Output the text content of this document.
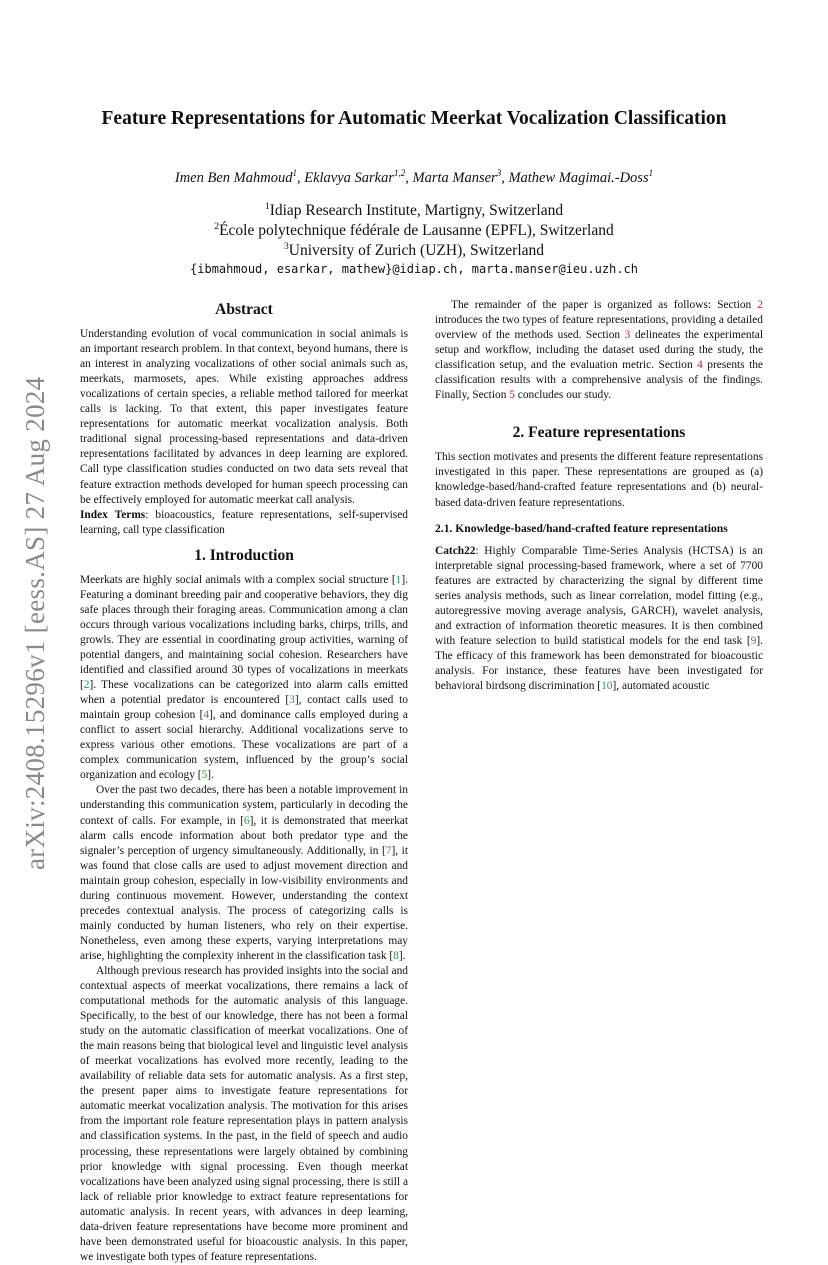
arXiv:2408.15296v1 [eess.AS] 27 Aug 2024
Feature Representations for Automatic Meerkat Vocalization Classification
Imen Ben Mahmoud$^1$, Eklavya Sarkar$^{1,2}$, Marta Manser$^3$, Mathew Magimai.-Doss$^1$
$^1$Idiap Research Institute, Martigny, Switzerland
$^2$École polytechnique fédérale de Lausanne (EPFL), Switzerland
$^3$University of Zurich (UZH), Switzerland
{ibmahmoud, esarkar, mathew}@idiap.ch, marta.manser@ieu.uzh.ch
Abstract

Understanding evolution of vocal communication in social animals is an important research problem. In that context, beyond humans, there is an interest in analyzing vocalizations of other social animals such as, meerkats, marmosets, apes. While existing approaches address vocalizations of certain species, a reliable method tailored for meerkat calls is lacking. To that extent, this paper investigates feature representations for automatic meerkat vocalization analysis. Both traditional signal processing-based representations and data-driven representations facilitated by advances in deep learning are explored. Call type classification studies conducted on two data sets reveal that feature extraction methods developed for human speech processing can be effectively employed for automatic meerkat call analysis.

Index Terms: bioacoustics, feature representations, self-supervised learning, call type classification

1. Introduction

Meerkats are highly social animals with a complex social structure [1]. Featuring a dominant breeding pair and cooperative behaviors, they dig safe places through their foraging areas. Communication among a clan occurs through various vocalizations including barks, chirps, trills, and growls. They are essential in coordinating group activities, warning of potential dangers, and maintaining social cohesion. Researchers have identified and classified around 30 types of vocalizations in meerkats [2]. These vocalizations can be categorized into alarm calls emitted when a potential predator is encountered [3], contact calls used to maintain group cohesion [4], and dominance calls employed during a conflict to assert social hierarchy. Additional vocalizations serve to express various other emotions. These vocalizations are part of a complex communication system, influenced by the group’s social organization and ecology [5].

Over the past two decades, there has been a notable improvement in understanding this communication system, particularly in decoding the context of calls. For example, in [6], it is demonstrated that meerkat alarm calls encode information about both predator type and the signaler’s perception of urgency simultaneously. Additionally, in [7], it was found that close calls are used to adjust movement direction and maintain group cohesion, especially in low-visibility environments and during continuous movement. However, understanding the context precedes contextual analysis. The process of categorizing calls is mainly conducted by human listeners, who rely on their expertise. Nonetheless, even among these experts, varying interpretations may arise, highlighting the complexity inherent in the classification task [8].

Although previous research has provided insights into the social and contextual aspects of meerkat vocalizations, there remains a lack of computational methods for the automatic analysis of this language. Specifically, to the best of our knowledge, there has not been a formal study on the automatic classification of meerkat vocalizations. One of the main reasons being that biological level and linguistic level analysis of meerkat vocalizations has evolved more recently, leading to the availability of reliable data sets for automatic analysis. As a first step, the present paper aims to investigate feature representations for automatic meerkat vocalization analysis. The motivation for this arises from the important role feature representation plays in pattern analysis and classification systems. In the past, in the field of speech and audio processing, these representations were largely obtained by combining prior knowledge with signal processing. Even though meerkat vocalizations have been analyzed using signal processing, there is still a lack of reliable prior knowledge to extract feature representations for automatic analysis. In recent years, with advances in deep learning, data-driven feature representations have become more prominent and have been demonstrated useful for bioacoustic analysis. In this paper, we investigate both types of feature representations.

The remainder of the paper is organized as follows: Section 2 introduces the two types of feature representations, providing a detailed overview of the methods used. Section 3 delineates the experimental setup and workflow, including the dataset used during the study, the classification setup, and the evaluation metric. Section 4 presents the classification results with a comprehensive analysis of the findings. Finally, Section 5 concludes our study.

2. Feature representations

This section motivates and presents the different feature representations investigated in this paper. These representations are grouped as (a) knowledge-based/hand-crafted feature representations and (b) neural-based data-driven feature representations.

2.1. Knowledge-based/hand-crafted feature representations

Catch22: Highly Comparable Time-Series Analysis (HCTSA) is an interpretable signal processing-based framework, where a set of 7700 features are extracted by characterizing the signal by different time series analysis methods, such as linear correlation, model fitting (e.g., autoregressive moving average analysis, GARCH), wavelet analysis, and extraction of information theoretic measures. It is then combined with feature selection to build statistical models for the end task [9]. The efficacy of this framework has been demonstrated for bioacoustic analysis. For instance, these features have been investigated for behavioral birdsong discrimination [10], automated acoustic
